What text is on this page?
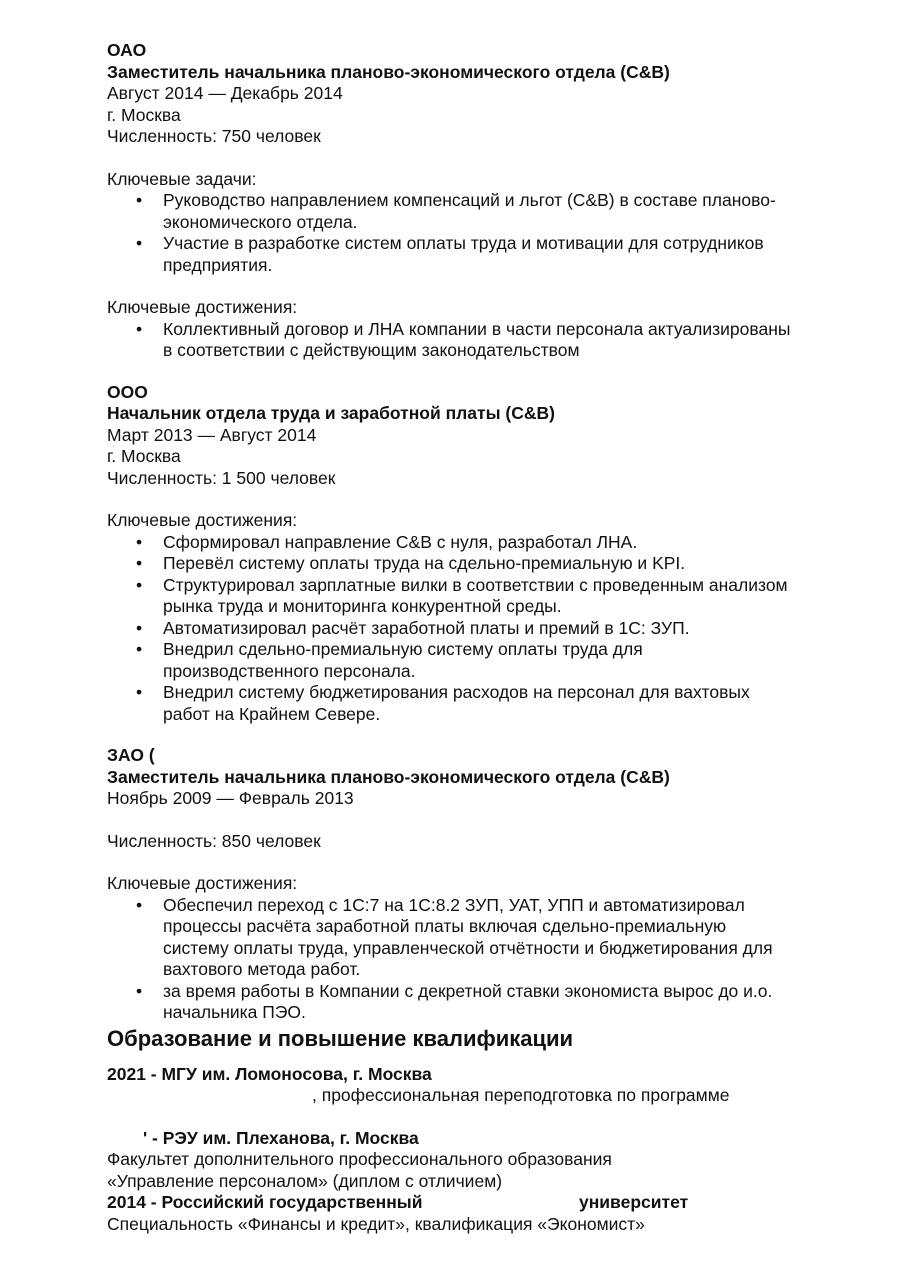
ОАО
Заместитель начальника планово-экономического отдела (C&B)
Август 2014 — Декабрь 2014
г. Москва
Численность: 750 человек
Ключевые задачи:
• Руководство направлением компенсаций и льгот (C&B) в составе планово-
экономического отдела.
• Участие в разработке систем оплаты труда и мотивации для сотрудников
предприятия.
Ключевые достижения:
• Коллективный договор и ЛНА компании в части персонала актуализированы
в соответствии с действующим законодательством
ООО
Начальник отдела труда и заработной платы (C&B)
Март 2013 — Август 2014
г. Москва
Численность: 1 500 человек
Ключевые достижения:
• Сформировал направление C&B с нуля, разработал ЛНА.
• Перевёл систему оплаты труда на сдельно-премиальную и KPI.
• Структурировал зарплатные вилки в соответствии с проведенным анализом
рынка труда и мониторинга конкурентной среды.
• Автоматизировал расчёт заработной платы и премий в 1С: ЗУП.
• Внедрил сдельно-премиальную систему оплаты труда для
производственного персонала.
• Внедрил систему бюджетирования расходов на персонал для вахтовых
работ на Крайнем Севере.
ЗАО (
Заместитель начальника планово-экономического отдела (C&B)
Ноябрь 2009 — Февраль 2013
Численность: 850 человек
Ключевые достижения:
• Обеспечил переход с 1С:7 на 1С:8.2 ЗУП, УАТ, УПП и автоматизировал
процессы расчёта заработной платы включая сдельно-премиальную
систему оплаты труда, управленческой отчётности и бюджетирования для
вахтового метода работ.
• за время работы в Компании с декретной ставки экономиста вырос до и.о.
начальника ПЭО.
Образование и повышение квалификации
2021 - МГУ им. Ломоносова, г. Москва
, профессиональная переподготовка по программе
' - РЭУ им. Плеханова, г. Москва
Факультет дополнительного профессионального образования
«Управление персоналом» (диплом с отличием)
2014 - Российский государственный	университет
Специальность «Финансы и кредит», квалификация «Экономист»
